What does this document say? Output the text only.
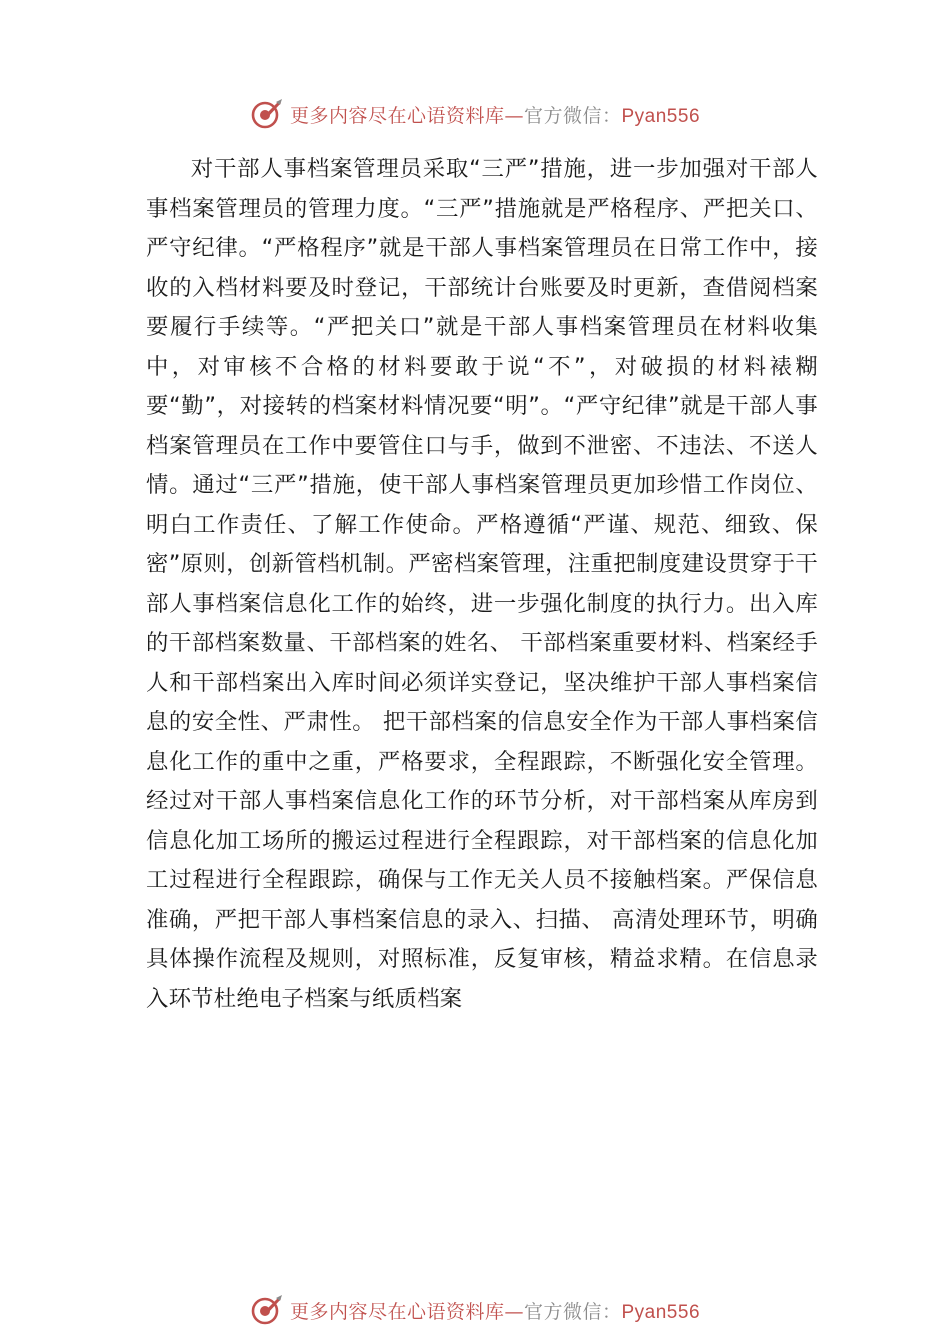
更多内容尽在心语资料库—官方微信：Pyan556
对干部人事档案管理员采取“三严”措施，进一步加强对干部人事档案管理员的管理力度。“三严”措施就是严格程序、严把关口、严守纪律。“严格程序”就是干部人事档案管理员在日常工作中，接收的入档材料要及时登记，干部统计台账要及时更新，查借阅档案要履行手续等。“严把关口”就是干部人事档案管理员在材料收集中，对审核不合格的材料要敢于说“不”，对破损的材料裱糊要“勤”，对接转的档案材料情况要“明”。“严守纪律”就是干部人事档案管理员在工作中要管住口与手，做到不泄密、不违法、不送人情。通过“三严”措施，使干部人事档案管理员更加珍惜工作岗位、明白工作责任、了解工作使命。严格遵循“严谨、规范、细致、保密”原则，创新管档机制。严密档案管理，注重把制度建设贯穿于干部人事档案信息化工作的始终，进一步强化制度的执行力。出入库的干部档案数量、干部档案的姓名、 干部档案重要材料、档案经手人和干部档案出入库时间必须详实登记，坚决维护干部人事档案信息的安全性、严肃性。 把干部档案的信息安全作为干部人事档案信息化工作的重中之重，严格要求，全程跟踪，不断强化安全管理。经过对干部人事档案信息化工作的环节分析，对干部档案从库房到信息化加工场所的搬运过程进行全程跟踪，对干部档案的信息化加工过程进行全程跟踪，确保与工作无关人员不接触档案。严保信息准确，严把干部人事档案信息的录入、扫描、 高清处理环节，明确具体操作流程及规则，对照标准，反复审核，精益求精。在信息录入环节杜绝电子档案与纸质档案
更多内容尽在心语资料库—官方微信：Pyan556
